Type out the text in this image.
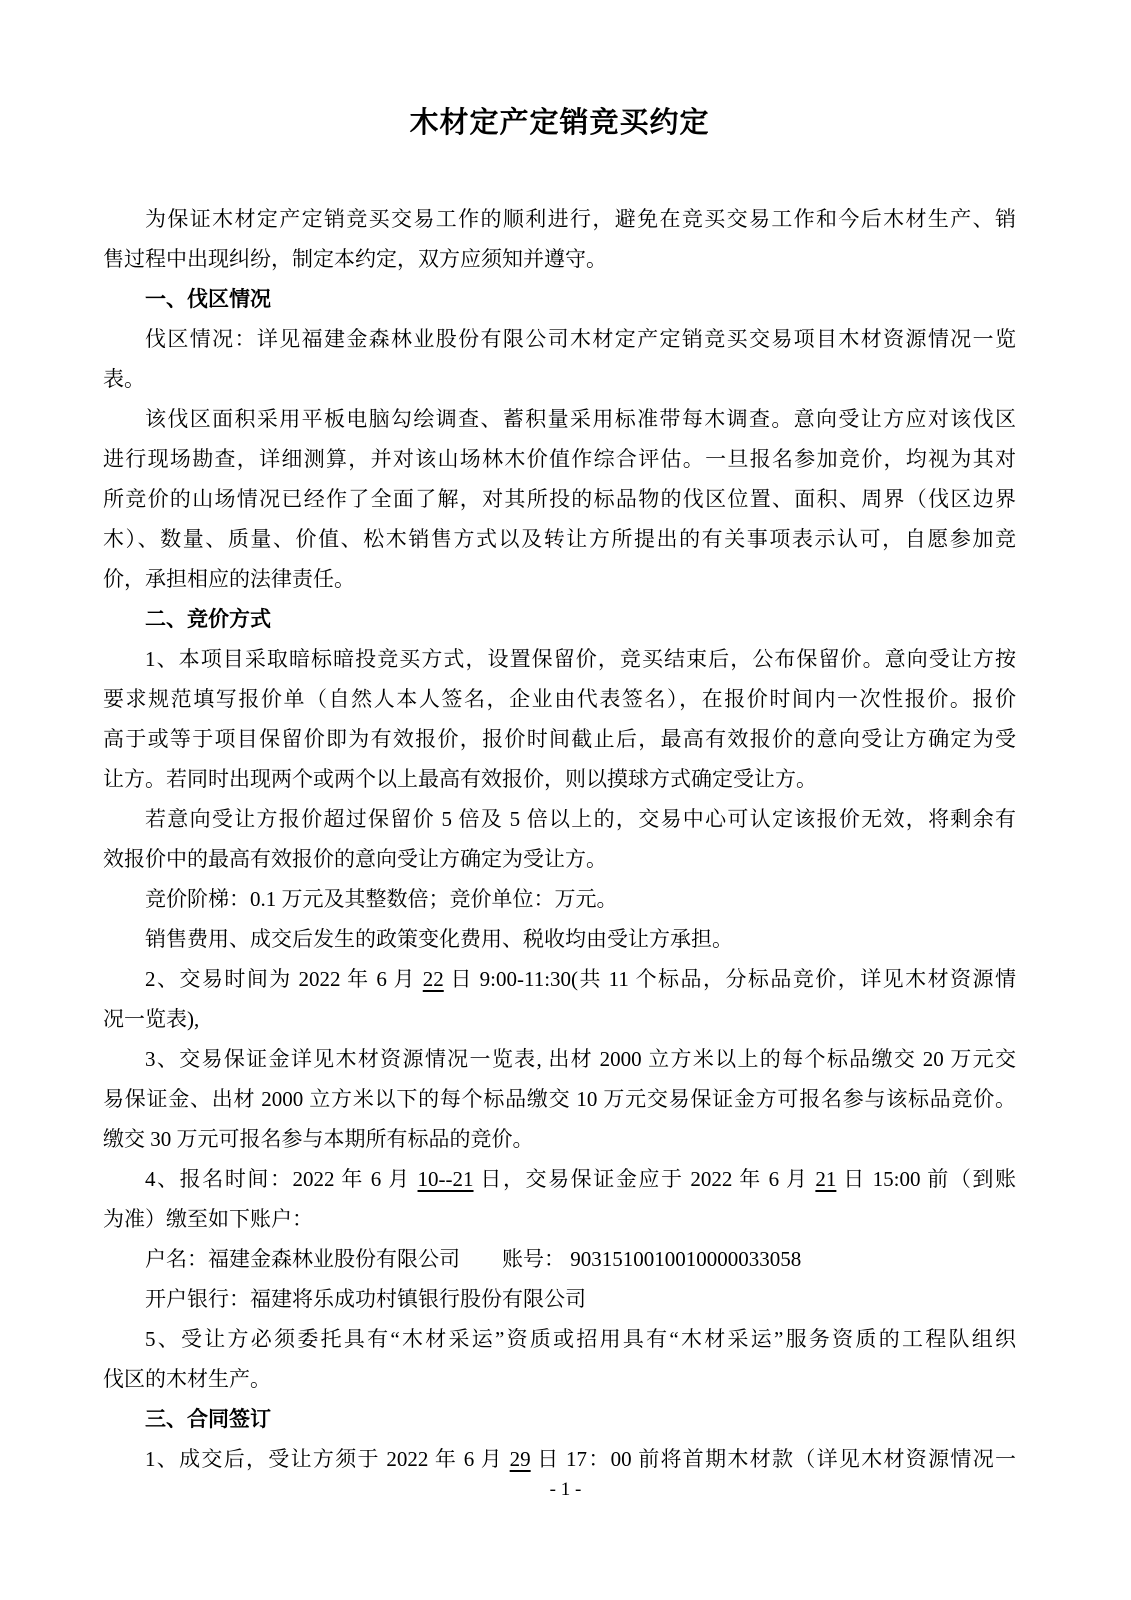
木材定产定销竞买约定
为保证木材定产定销竞买交易工作的顺利进行，避免在竞买交易工作和今后木材生产、销
售过程中出现纠纷，制定本约定，双方应须知并遵守。
一、伐区情况
伐区情况：详见福建金森林业股份有限公司木材定产定销竞买交易项目木材资源情况一览
表。
该伐区面积采用平板电脑勾绘调查、蓄积量采用标准带每木调查。意向受让方应对该伐区
进行现场勘查，详细测算，并对该山场林木价值作综合评估。一旦报名参加竞价，均视为其对
所竞价的山场情况已经作了全面了解，对其所投的标品物的伐区位置、面积、周界（伐区边界
木）、数量、质量、价值、松木销售方式以及转让方所提出的有关事项表示认可，自愿参加竞
价，承担相应的法律责任。
二、竞价方式
1、本项目采取暗标暗投竞买方式，设置保留价，竞买结束后，公布保留价。意向受让方按
要求规范填写报价单（自然人本人签名，企业由代表签名），在报价时间内一次性报价。报价
高于或等于项目保留价即为有效报价，报价时间截止后，最高有效报价的意向受让方确定为受
让方。若同时出现两个或两个以上最高有效报价，则以摸球方式确定受让方。
若意向受让方报价超过保留价 5 倍及 5 倍以上的，交易中心可认定该报价无效，将剩余有
效报价中的最高有效报价的意向受让方确定为受让方。
竞价阶梯：0.1 万元及其整数倍；竞价单位：万元。
销售费用、成交后发生的政策变化费用、税收均由受让方承担。
2、交易时间为 2022 年 6 月 22 日 9:00-11:30(共 11 个标品，分标品竞价，详见木材资源情
况一览表),
3、交易保证金详见木材资源情况一览表, 出材 2000 立方米以上的每个标品缴交 20 万元交
易保证金、出材 2000 立方米以下的每个标品缴交 10 万元交易保证金方可报名参与该标品竞价。
缴交 30 万元可报名参与本期所有标品的竞价。
4、报名时间：2022 年 6 月 10--21 日，交易保证金应于 2022 年 6 月 21 日 15:00 前（到账
为准）缴至如下账户：
户名：福建金森林业股份有限公司　　账号： 9031510010010000033058
开户银行：福建将乐成功村镇银行股份有限公司
5、受让方必须委托具有“木材采运”资质或招用具有“木材采运”服务资质的工程队组织
伐区的木材生产。
三、合同签订
1、成交后，受让方须于 2022 年 6 月 29 日 17：00 前将首期木材款（详见木材资源情况一
- 1 -
